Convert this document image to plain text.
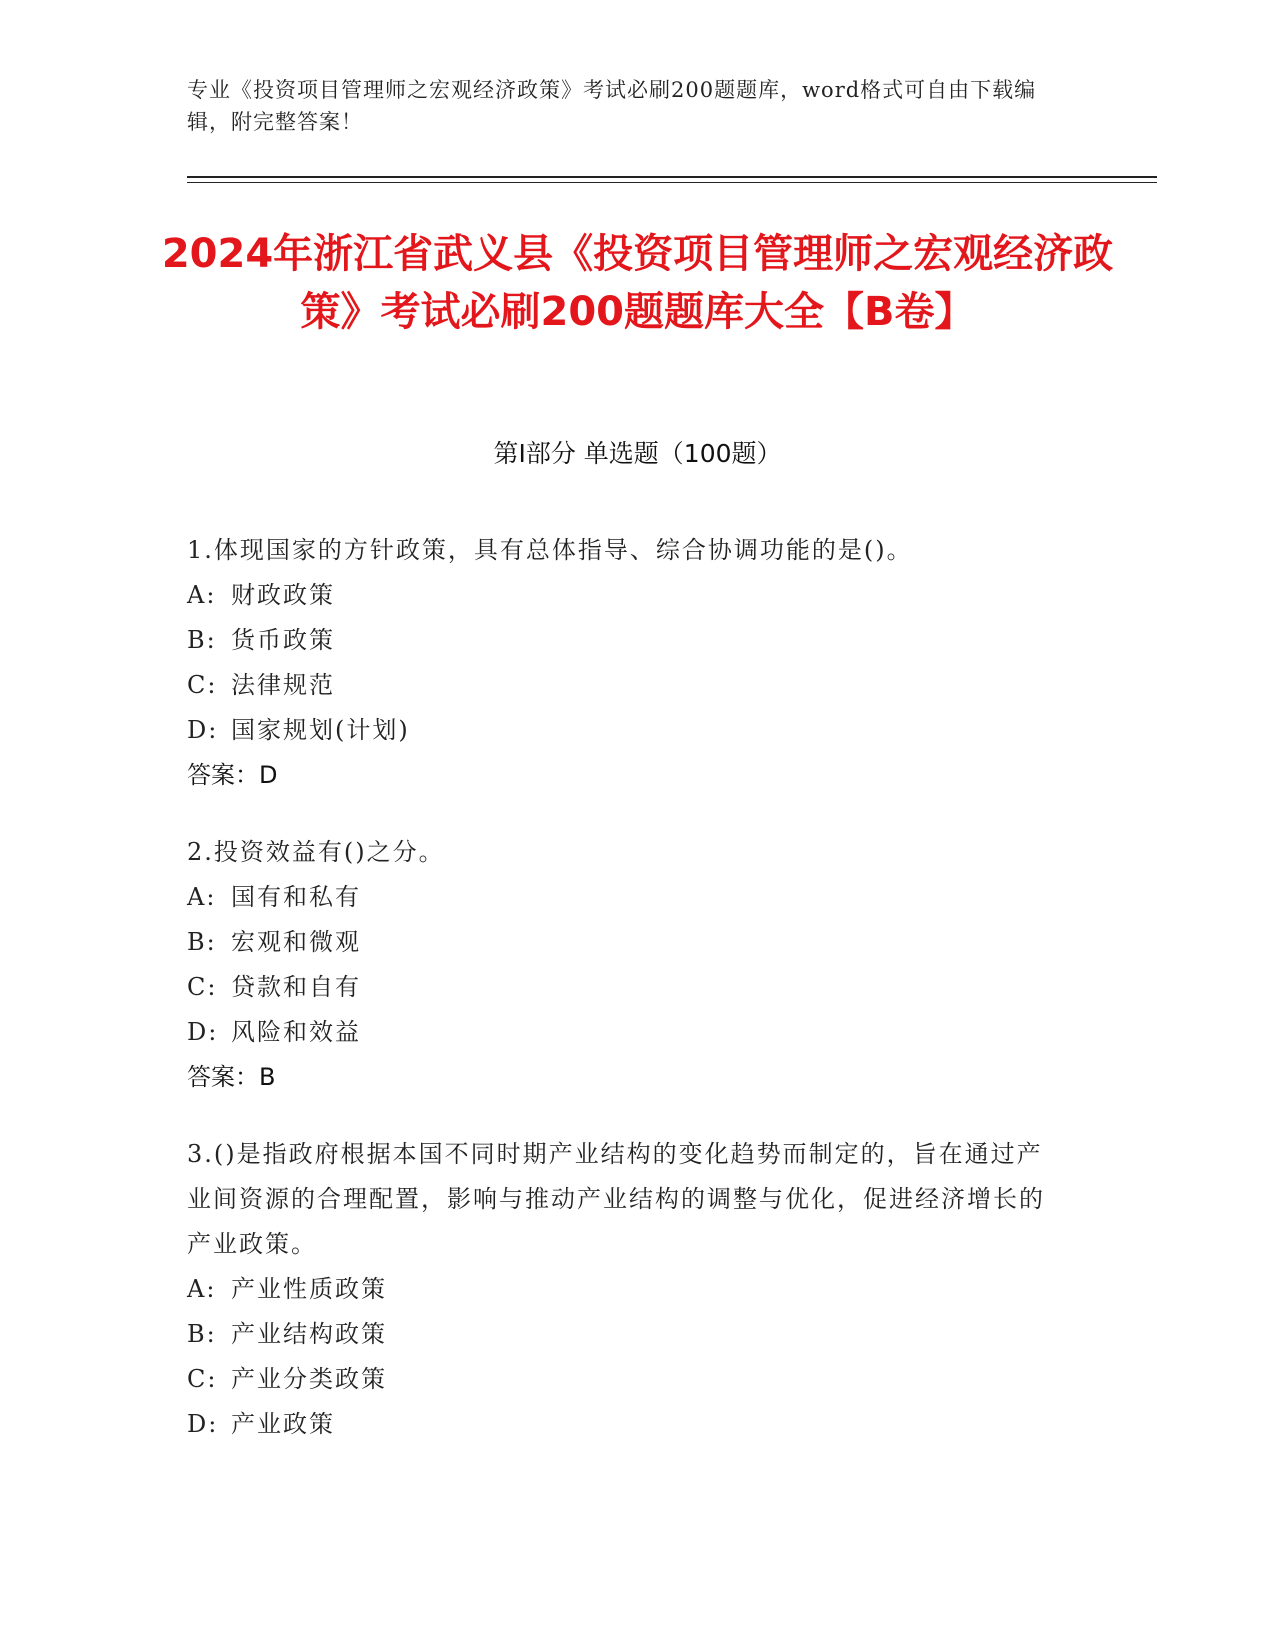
专业《投资项目管理师之宏观经济政策》考试必刷200题题库，word格式可自由下载编辑，附完整答案！
2024年浙江省武义县《投资项目管理师之宏观经济政策》考试必刷200题题库大全【B卷】
第I部分 单选题（100题）
1.体现国家的方针政策，具有总体指导、综合协调功能的是()。
A: 财政政策
B: 货币政策
C: 法律规范
D: 国家规划(计划)
答案：D
2.投资效益有()之分。
A: 国有和私有
B: 宏观和微观
C: 贷款和自有
D: 风险和效益
答案：B
3.()是指政府根据本国不同时期产业结构的变化趋势而制定的，旨在通过产业间资源的合理配置，影响与推动产业结构的调整与优化，促进经济增长的产业政策。
A: 产业性质政策
B: 产业结构政策
C: 产业分类政策
D: 产业政策
